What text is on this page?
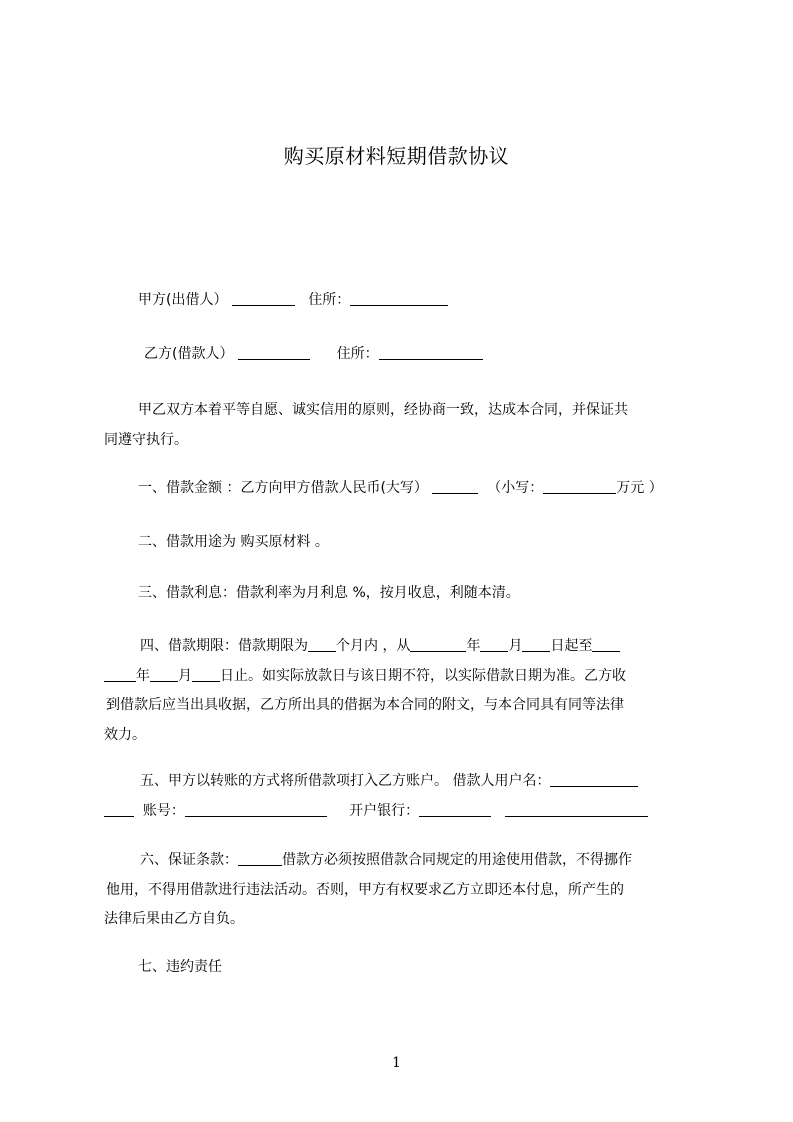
购买原材料短期借款协议
甲方(出借人）	住所：
乙方(借款人）	住所：
甲乙双方本着平等自愿、诚实信用的原则，经协商一致，达成本合同，并保证共
同遵守执行。
一、借款金额 ：乙方向甲方借款人民币(大写）	（小写：	万元 ）
二、借款用途为 购买原材料 。
三、借款利息：借款利率为月利息 %，按月收息，利随本清。
四、借款期限：借款期限为 个月内 ，从	年 月 日起至
年 月 日止。如实际放款日与该日期不符，以实际借款日期为准。乙方收
到借款后应当出具收据，乙方所出具的借据为本合同的附文，与本合同具有同等法律
效力。
五、甲方以转账的方式将所借款项打入乙方账户。 借款人用户名：
账号：	开户银行：
六、保证条款：	借款方必须按照借款合同规定的用途使用借款，不得挪作
他用，不得用借款进行违法活动。否则，甲方有权要求乙方立即还本付息，所产生的
法律后果由乙方自负。
七、违约责任
1
